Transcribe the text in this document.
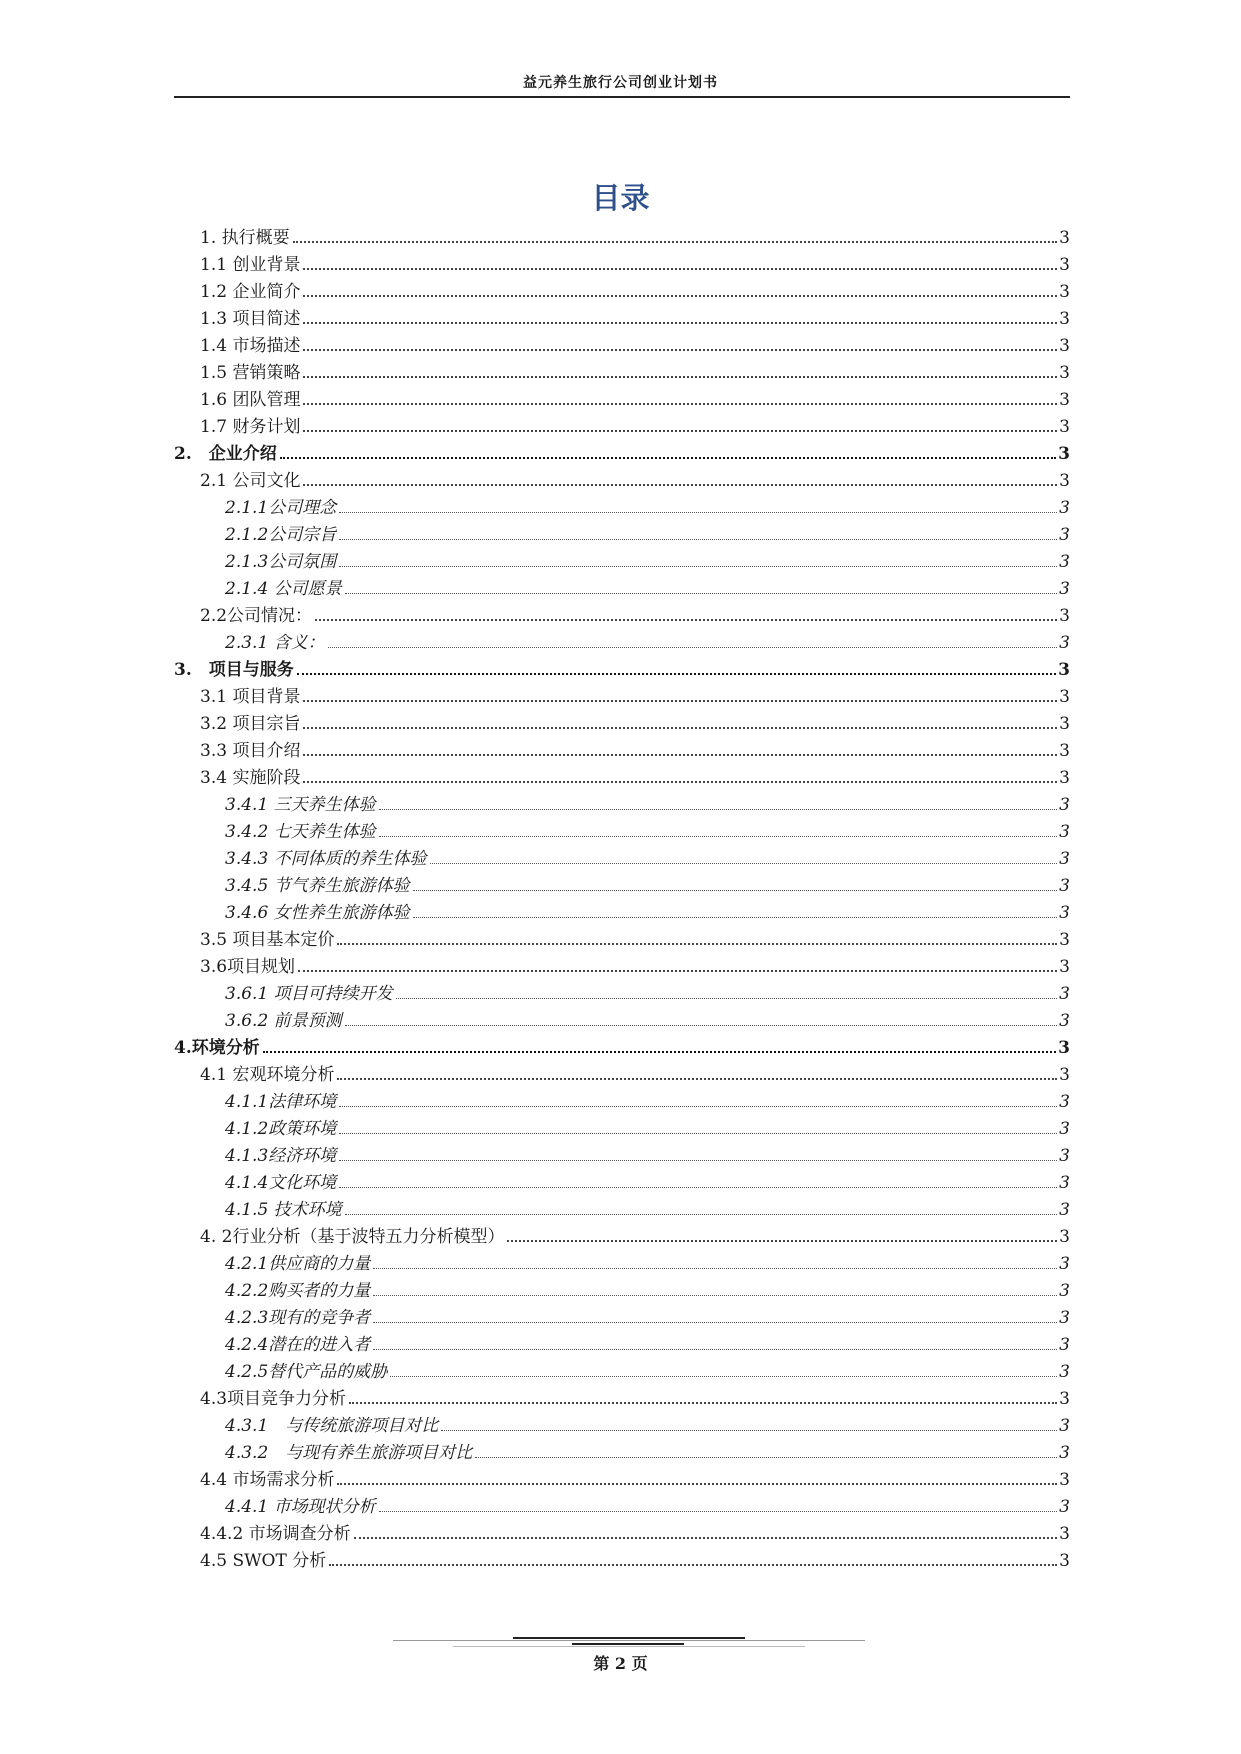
益元养生旅行公司创业计划书
目录
1. 执行概要	3
1.1 创业背景	3
1.2 企业简介	3
1.3 项目简述	3
1.4 市场描述	3
1.5 营销策略	3
1.6 团队管理	3
1.7 财务计划	3
2.　企业介绍	3
2.1 公司文化	3
2.1.1公司理念	3
2.1.2公司宗旨	3
2.1.3公司氛围	3
2.1.4 公司愿景	3
2.2公司情况：	3
2.3.1 含义：	3
3.　项目与服务	3
3.1 项目背景	3
3.2 项目宗旨	3
3.3 项目介绍	3
3.4 实施阶段	3
3.4.1 三天养生体验	3
3.4.2 七天养生体验	3
3.4.3 不同体质的养生体验	3
3.4.5 节气养生旅游体验	3
3.4.6 女性养生旅游体验	3
3.5 项目基本定价	3
3.6项目规划	3
3.6.1 项目可持续开发	3
3.6.2 前景预测	3
4.环境分析	3
4.1 宏观环境分析	3
4.1.1法律环境	3
4.1.2政策环境	3
4.1.3经济环境	3
4.1.4文化环境	3
4.1.5 技术环境	3
4. 2行业分析（基于波特五力分析模型）	3
4.2.1供应商的力量	3
4.2.2购买者的力量	3
4.2.3现有的竞争者	3
4.2.4潜在的进入者	3
4.2.5替代产品的威胁	3
4.3项目竞争力分析	3
4.3.1　与传统旅游项目对比	3
4.3.2　与现有养生旅游项目对比	3
4.4 市场需求分析	3
4.4.1 市场现状分析	3
4.4.2 市场调查分析	3
4.5 SWOT 分析	3
第 2 页
